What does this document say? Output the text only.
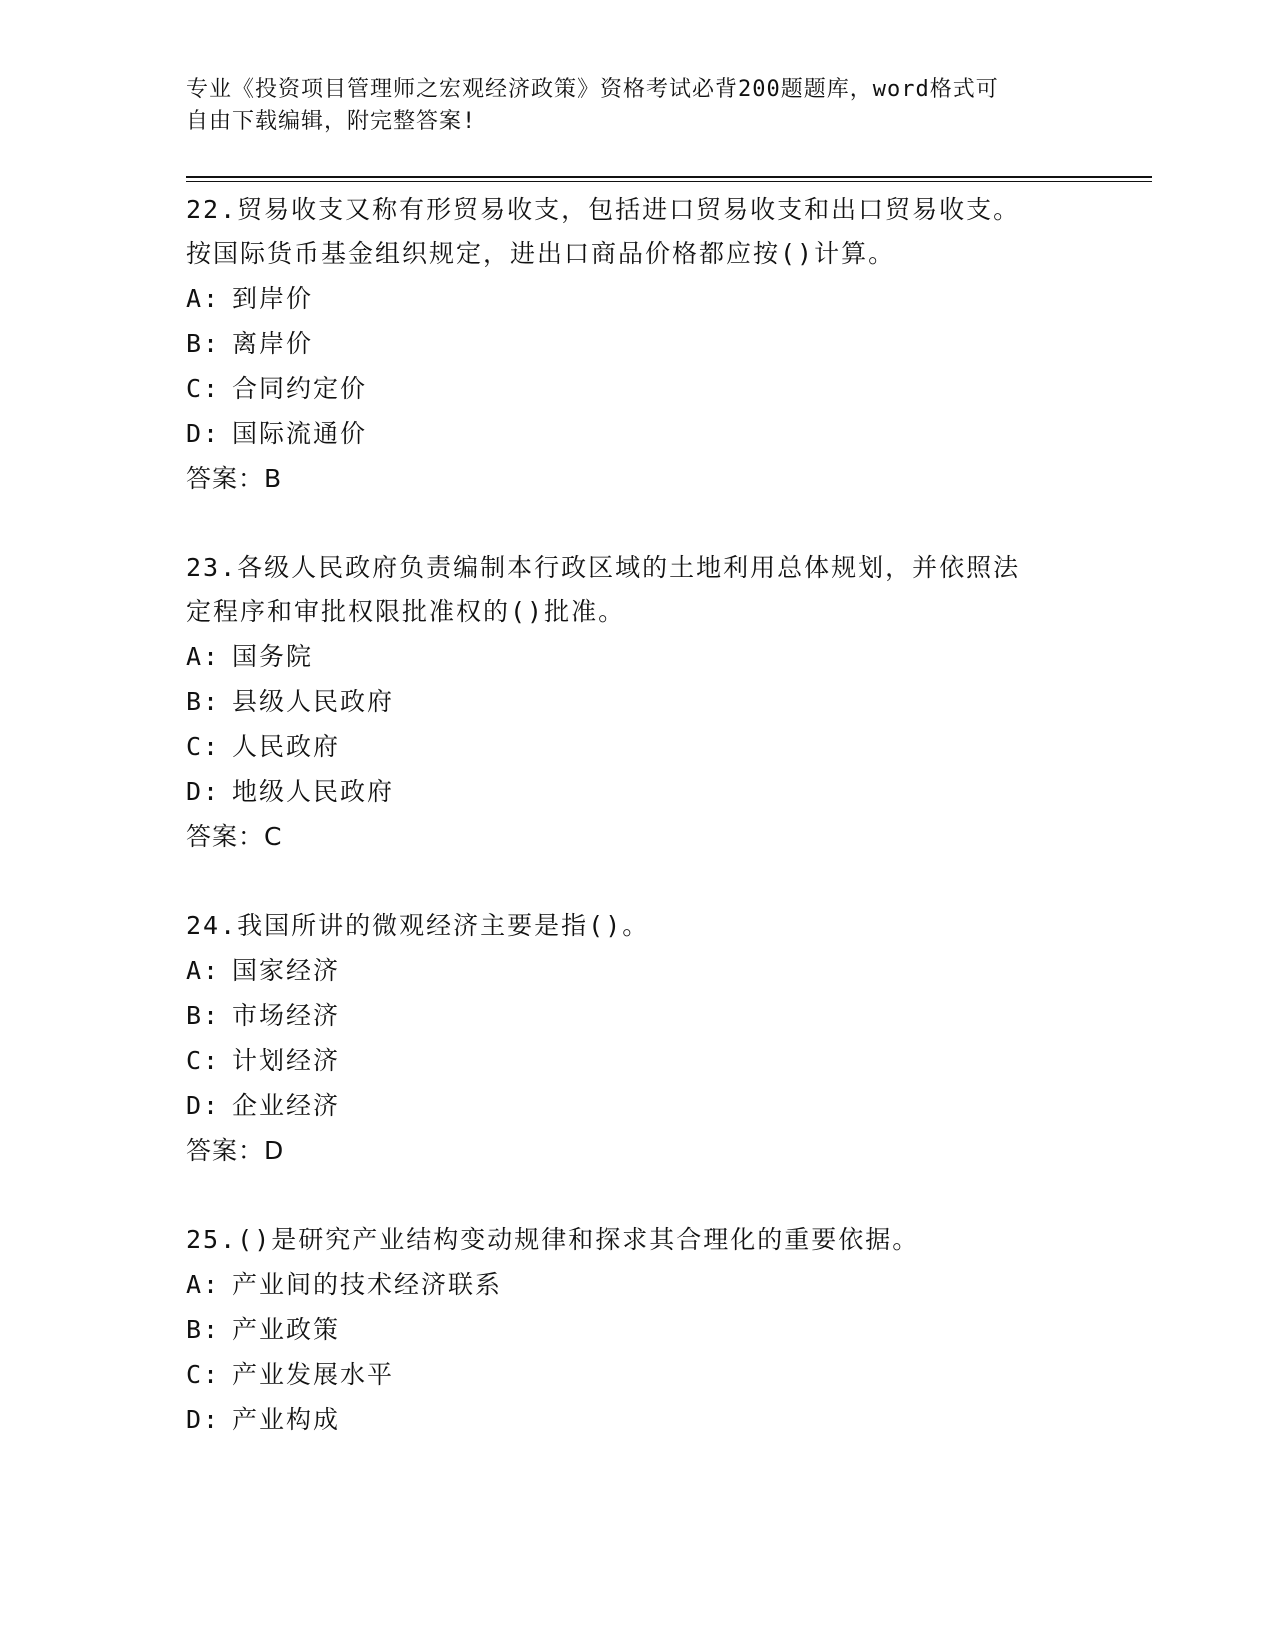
专业《投资项目管理师之宏观经济政策》资格考试必背200题题库，word格式可
自由下载编辑，附完整答案!

22.贸易收支又称有形贸易收支，包括进口贸易收支和出口贸易收支。
按国际货币基金组织规定，进出口商品价格都应按()计算。

A: 到岸价

B: 离岸价

C: 合同约定价

D: 国际流通价

答案：B

23.各级人民政府负责编制本行政区域的土地利用总体规划，并依照法
定程序和审批权限批准权的()批准。

A: 国务院

B: 县级人民政府

C: 人民政府

D: 地级人民政府

答案：C

24.我国所讲的微观经济主要是指()。

A: 国家经济

B: 市场经济

C: 计划经济

D: 企业经济

答案：D

25.()是研究产业结构变动规律和探求其合理化的重要依据。

A: 产业间的技术经济联系

B: 产业政策

C: 产业发展水平

D: 产业构成
